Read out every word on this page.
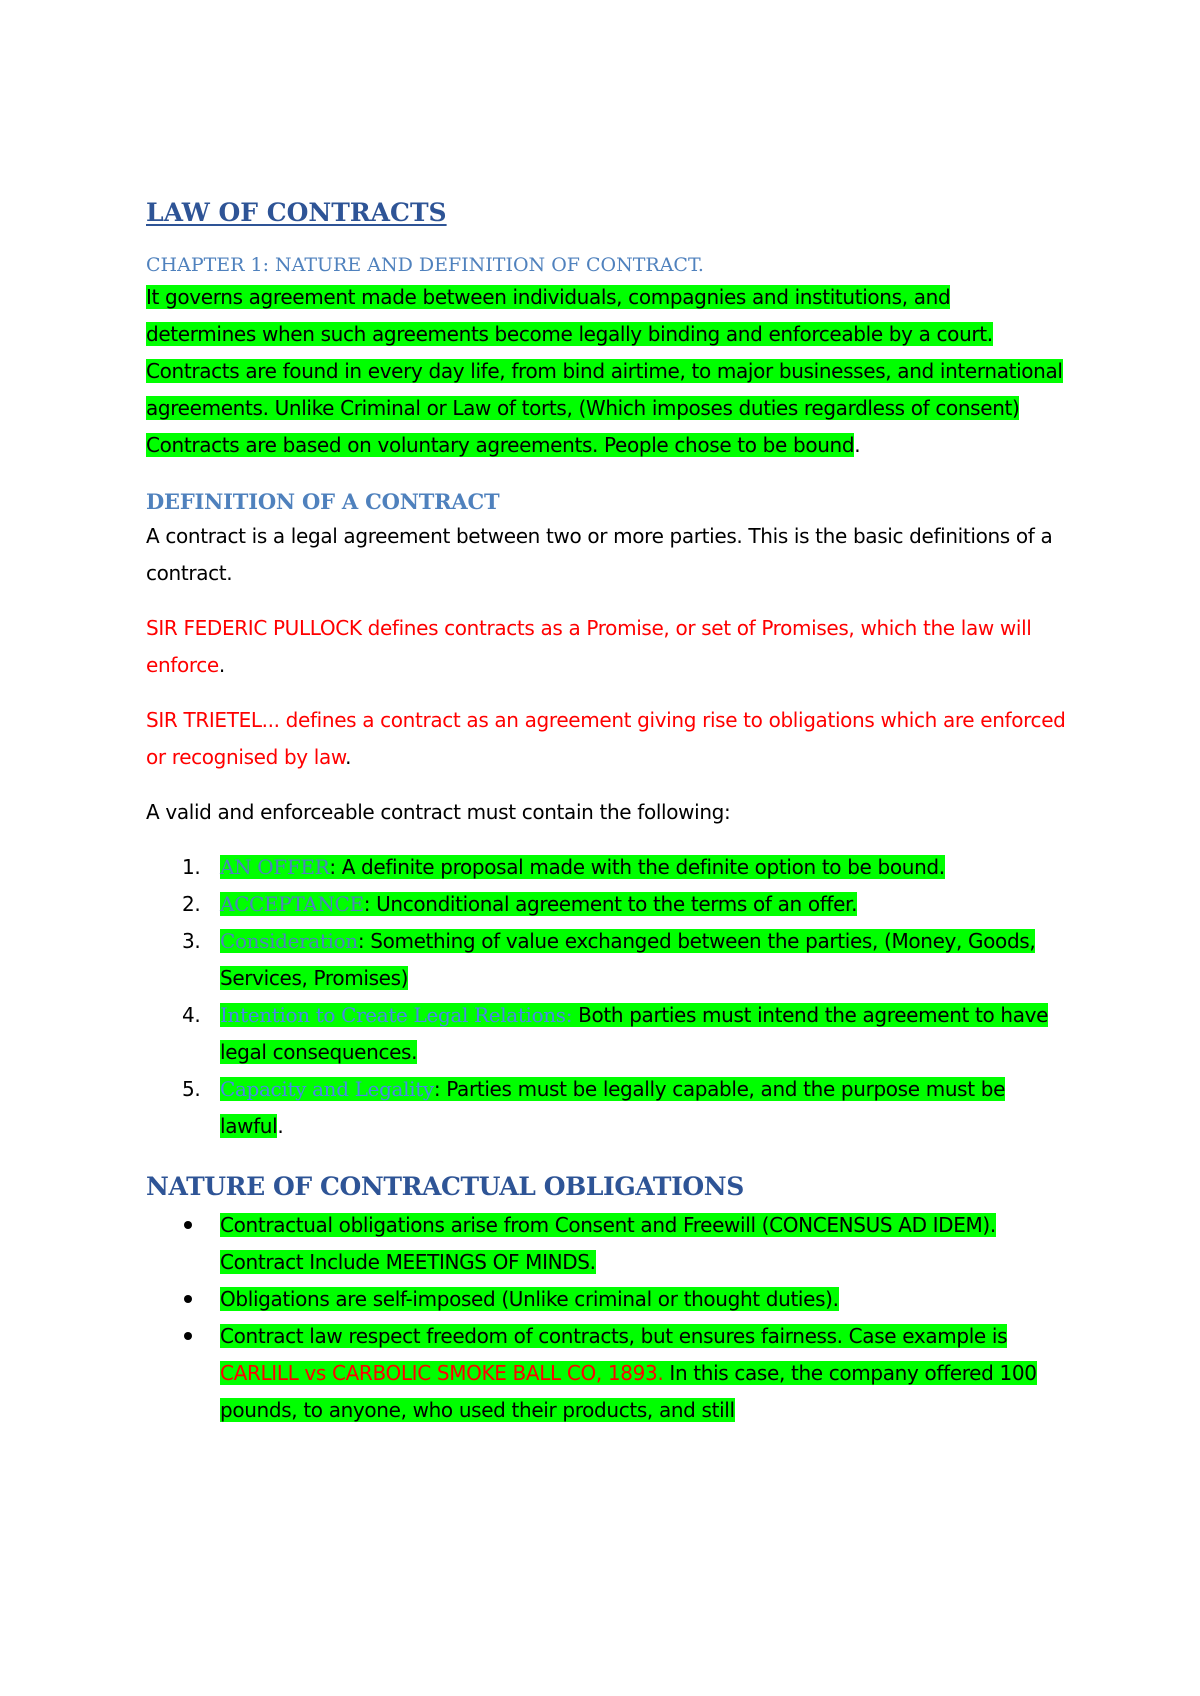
LAW OF CONTRACTS
CHAPTER 1: NATURE AND DEFINITION OF CONTRACT.

It governs agreement made between individuals, compagnies and institutions, and determines when such agreements become legally binding and enforceable by a court. Contracts are found in every day life, from bind airtime, to major businesses, and international agreements. Unlike Criminal or Law of torts, (Which imposes duties regardless of consent) Contracts are based on voluntary agreements. People chose to be bound.

DEFINITION OF A CONTRACT

A contract is a legal agreement between two or more parties. This is the basic definitions of a contract.

SIR FEDERIC PULLOCK defines contracts as a Promise, or set of Promises, which the law will enforce.

SIR TRIETEL... defines a contract as an agreement giving rise to obligations which are enforced or recognised by law.

A valid and enforceable contract must contain the following:

1. AN OFFER: A definite proposal made with the definite option to be bound.
2. ACCEPTANCE: Unconditional agreement to the terms of an offer.
3. Consideration: Something of value exchanged between the parties, (Money, Goods, Services, Promises)
4. Intention to Create Legal Relations: Both parties must intend the agreement to have legal consequences.
5. Capacity and Legality: Parties must be legally capable, and the purpose must be lawful.
NATURE OF CONTRACTUAL OBLIGATIONS
Contractual obligations arise from Consent and Freewill (CONCENSUS AD IDEM). Contract Include MEETINGS OF MINDS.
Obligations are self-imposed (Unlike criminal or thought duties).
Contract law respect freedom of contracts, but ensures fairness. Case example is CARLILL vs CARBOLIC SMOKE BALL CO, 1893. In this case, the company offered 100 pounds, to anyone, who used their products, and still
